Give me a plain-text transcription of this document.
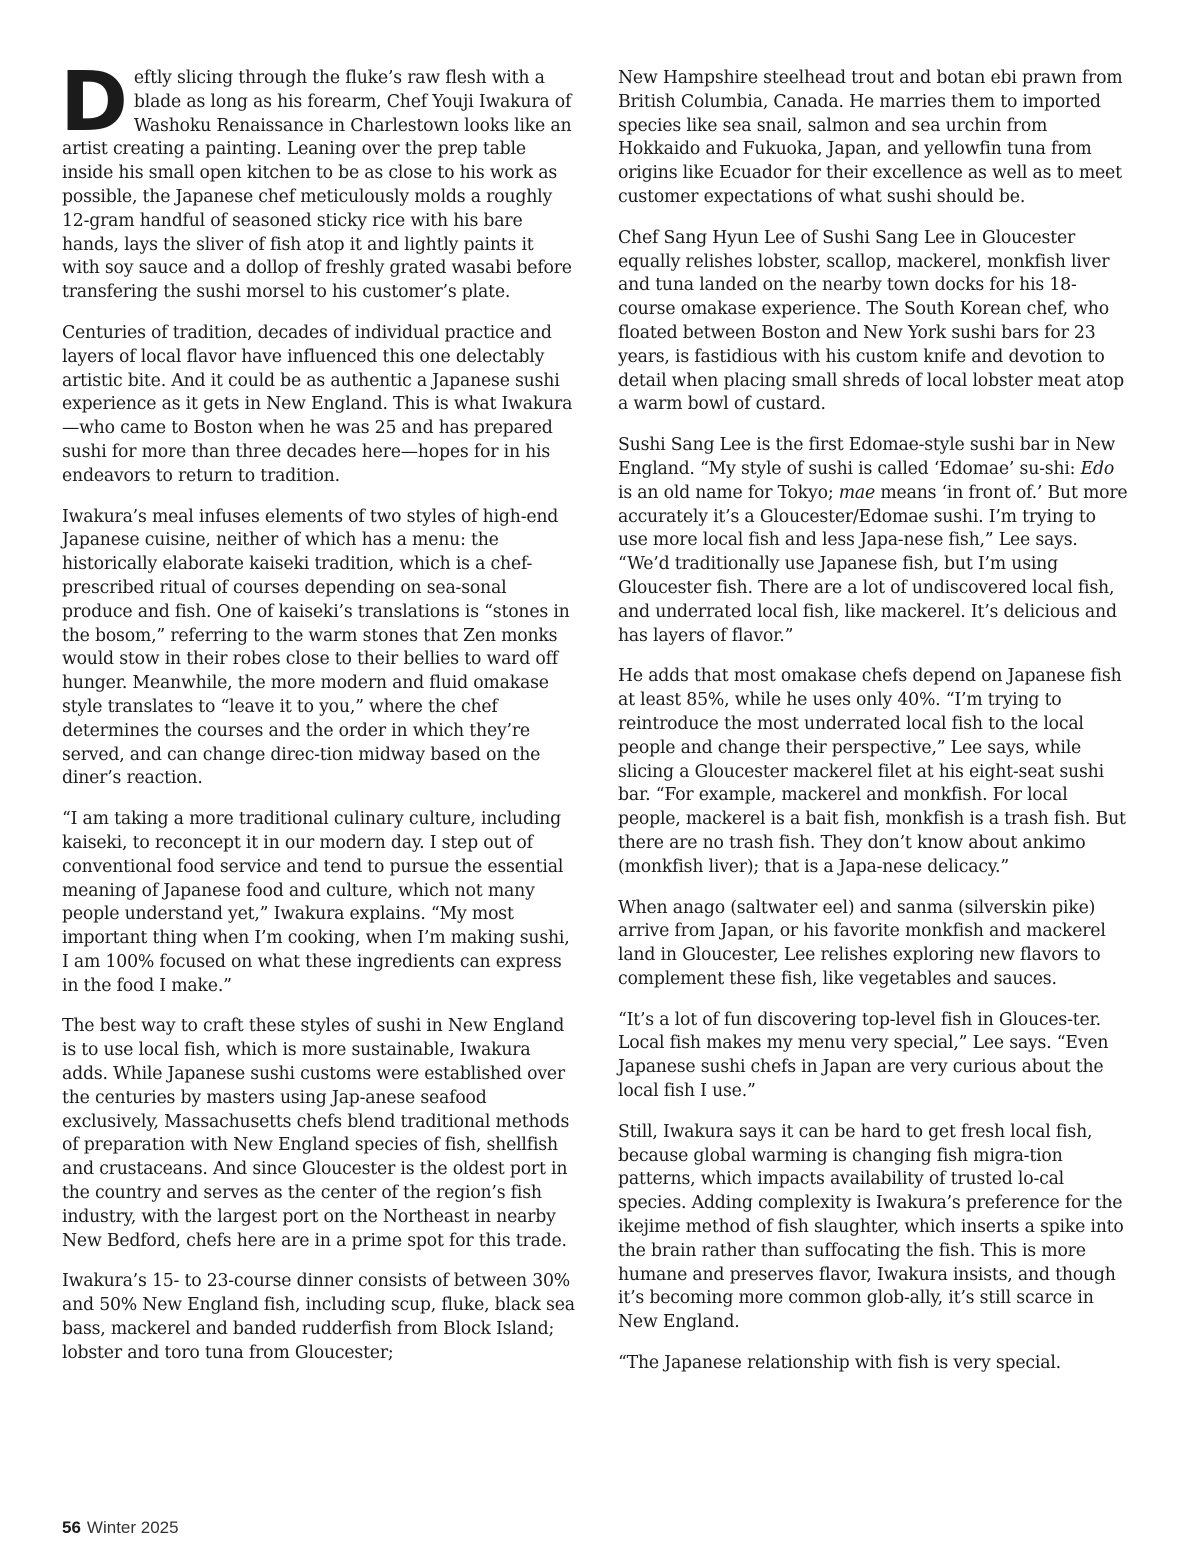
Deftly slicing through the fluke’s raw flesh with a blade as long as his forearm, Chef Youji Iwakura of Washoku Renaissance in Charlestown looks like an artist creating a painting. Leaning over the prep table inside his small open kitchen to be as close to his work as possible, the Japanese chef meticulously molds a roughly 12-gram handful of seasoned sticky rice with his bare hands, lays the sliver of fish atop it and lightly paints it with soy sauce and a dollop of freshly grated wasabi before transfering the sushi morsel to his customer’s plate.

Centuries of tradition, decades of individual practice and layers of local flavor have influenced this one delectably artistic bite. And it could be as authentic a Japanese sushi experience as it gets in New England. This is what Iwakura—who came to Boston when he was 25 and has prepared sushi for more than three decades here—hopes for in his endeavors to return to tradition.

Iwakura’s meal infuses elements of two styles of high-end Japanese cuisine, neither of which has a menu: the historically elaborate kaiseki tradition, which is a chef-prescribed ritual of courses depending on sea-sonal produce and fish. One of kaiseki’s translations is “stones in the bosom,” referring to the warm stones that Zen monks would stow in their robes close to their bellies to ward off hunger. Meanwhile, the more modern and fluid omakase style translates to “leave it to you,” where the chef determines the courses and the order in which they’re served, and can change direc-tion midway based on the diner’s reaction.

“I am taking a more traditional culinary culture, including kaiseki, to reconcept it in our modern day. I step out of conventional food service and tend to pursue the essential meaning of Japanese food and culture, which not many people understand yet,” Iwakura explains. “My most important thing when I’m cooking, when I’m making sushi, I am 100% focused on what these ingredients can express in the food I make.”

The best way to craft these styles of sushi in New England is to use local fish, which is more sustainable, Iwakura adds. While Japanese sushi customs were established over the centuries by masters using Jap-anese seafood exclusively, Massachusetts chefs blend traditional methods of preparation with New England species of fish, shellfish and crustaceans. And since Gloucester is the oldest port in the country and serves as the center of the region’s fish industry, with the largest port on the Northeast in nearby New Bedford, chefs here are in a prime spot for this trade.

Iwakura’s 15- to 23-course dinner consists of between 30% and 50% New England fish, including scup, fluke, black sea bass, mackerel and banded rudderfish from Block Island; lobster and toro tuna from Gloucester;

New Hampshire steelhead trout and botan ebi prawn from British Columbia, Canada. He marries them to imported species like sea snail, salmon and sea urchin from Hokkaido and Fukuoka, Japan, and yellowfin tuna from origins like Ecuador for their excellence as well as to meet customer expectations of what sushi should be.

Chef Sang Hyun Lee of Sushi Sang Lee in Gloucester equally relishes lobster, scallop, mackerel, monkfish liver and tuna landed on the nearby town docks for his 18-course omakase experience. The South Korean chef, who floated between Boston and New York sushi bars for 23 years, is fastidious with his custom knife and devotion to detail when placing small shreds of local lobster meat atop a warm bowl of custard.

Sushi Sang Lee is the first Edomae-style sushi bar in New England. “My style of sushi is called ‘Edomae’ su-shi: Edo is an old name for Tokyo; mae means ‘in front of.’ But more accurately it’s a Gloucester/Edomae sushi. I’m trying to use more local fish and less Japa-nese fish,” Lee says. “We’d traditionally use Japanese fish, but I’m using Gloucester fish. There are a lot of undiscovered local fish, and underrated local fish, like mackerel. It’s delicious and has layers of flavor.”

He adds that most omakase chefs depend on Japanese fish at least 85%, while he uses only 40%. “I’m trying to reintroduce the most underrated local fish to the local people and change their perspective,” Lee says, while slicing a Gloucester mackerel filet at his eight-seat sushi bar. “For example, mackerel and monkfish. For local people, mackerel is a bait fish, monkfish is a trash fish. But there are no trash fish. They don’t know about ankimo (monkfish liver); that is a Japa-nese delicacy.”

When anago (saltwater eel) and sanma (silverskin pike) arrive from Japan, or his favorite monkfish and mackerel land in Gloucester, Lee relishes exploring new flavors to complement these fish, like vegetables and sauces.

“It’s a lot of fun discovering top-level fish in Glouces-ter. Local fish makes my menu very special,” Lee says. “Even Japanese sushi chefs in Japan are very curious about the local fish I use.”

Still, Iwakura says it can be hard to get fresh local fish, because global warming is changing fish migra-tion patterns, which impacts availability of trusted lo-cal species. Adding complexity is Iwakura’s preference for the ikejime method of fish slaughter, which inserts a spike into the brain rather than suffocating the fish. This is more humane and preserves flavor, Iwakura insists, and though it’s becoming more common glob-ally, it’s still scarce in New England.

“The Japanese relationship with fish is very special.

56 Winter 2025
